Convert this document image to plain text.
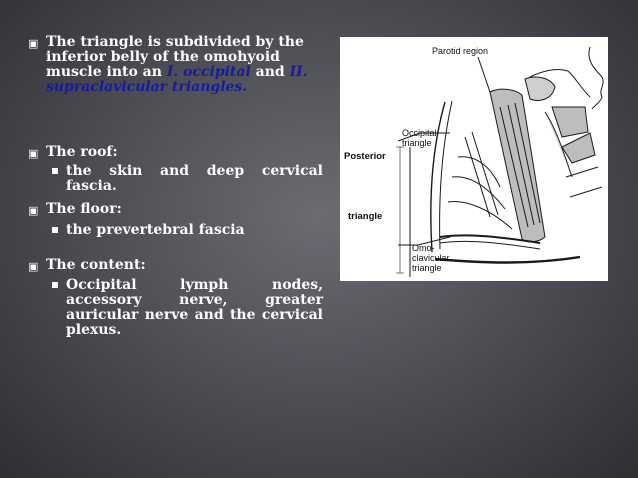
▣ The triangle is subdivided by the inferior belly of the omohyoid muscle into an I. occipital and II. supraclavicular triangles.
▣ The roof:
the skin and deep cervical fascia.
▣ The floor:
the prevertebral fascia
▣ The content:
Occipital lymph nodes, accessory nerve, greater auricular nerve and the cervical plexus.
Parotid region
Occipital
triangle
Posterior
triangle
Omo-
clavicular
triangle
